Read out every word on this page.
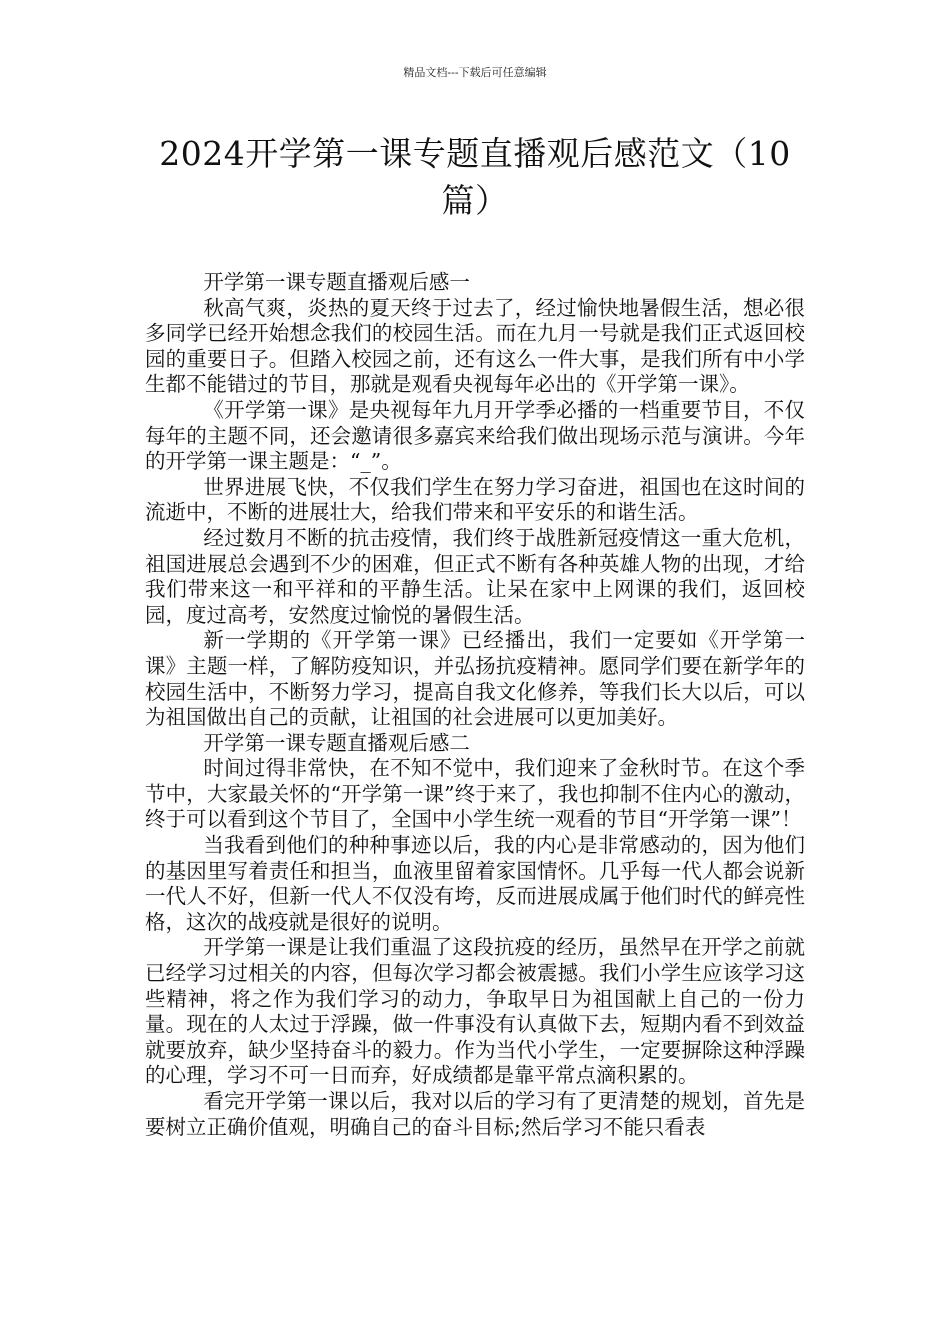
精品文档---下载后可任意编辑
2024开学第一课专题直播观后感范文（10篇）

开学第一课专题直播观后感一

秋高气爽，炎热的夏天终于过去了，经过愉快地暑假生活，想必很多同学已经开始想念我们的校园生活。而在九月一号就是我们正式返回校园的重要日子。但踏入校园之前，还有这么一件大事，是我们所有中小学生都不能错过的节目，那就是观看央视每年必出的《开学第一课》。

《开学第一课》是央视每年九月开学季必播的一档重要节目，不仅每年的主题不同，还会邀请很多嘉宾来给我们做出现场示范与演讲。今年的开学第一课主题是：“_”。

世界进展飞快，不仅我们学生在努力学习奋进，祖国也在这时间的流逝中，不断的进展壮大，给我们带来和平安乐的和谐生活。

经过数月不断的抗击疫情，我们终于战胜新冠疫情这一重大危机，祖国进展总会遇到不少的困难，但正式不断有各种英雄人物的出现，才给我们带来这一和平祥和的平静生活。让呆在家中上网课的我们，返回校园，度过高考，安然度过愉悦的暑假生活。

新一学期的《开学第一课》已经播出，我们一定要如《开学第一课》主题一样，了解防疫知识，并弘扬抗疫精神。愿同学们要在新学年的校园生活中，不断努力学习，提高自我文化修养，等我们长大以后，可以为祖国做出自己的贡献，让祖国的社会进展可以更加美好。

开学第一课专题直播观后感二

时间过得非常快，在不知不觉中，我们迎来了金秋时节。在这个季节中，大家最关怀的“开学第一课”终于来了，我也抑制不住内心的激动，终于可以看到这个节目了，全国中小学生统一观看的节目“开学第一课”！

当我看到他们的种种事迹以后，我的内心是非常感动的，因为他们的基因里写着责任和担当，血液里留着家国情怀。几乎每一代人都会说新一代人不好，但新一代人不仅没有垮，反而进展成属于他们时代的鲜亮性格，这次的战疫就是很好的说明。

开学第一课是让我们重温了这段抗疫的经历，虽然早在开学之前就已经学习过相关的内容，但每次学习都会被震撼。我们小学生应该学习这些精神，将之作为我们学习的动力，争取早日为祖国献上自己的一份力量。现在的人太过于浮躁，做一件事没有认真做下去，短期内看不到效益就要放弃，缺少坚持奋斗的毅力。作为当代小学生，一定要摒除这种浮躁的心理，学习不可一日而弃，好成绩都是靠平常点滴积累的。

看完开学第一课以后，我对以后的学习有了更清楚的规划，首先是要树立正确价值观，明确自己的奋斗目标;然后学习不能只看表
